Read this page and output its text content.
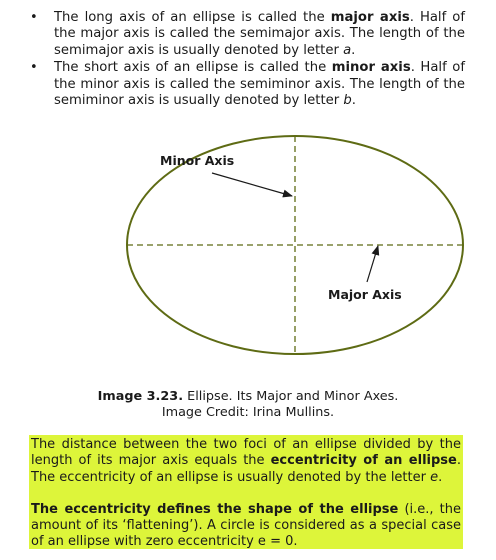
• The long axis of an ellipse is called the major axis. Half of the major axis is called the semimajor axis. The length of the semimajor axis is usually denoted by letter a.
• The short axis of an ellipse is called the minor axis. Half of the minor axis is called the semiminor axis. The length of the semiminor axis is usually denoted by letter b.
Minor Axis
Major Axis
Image 3.23. Ellipse. Its Major and Minor Axes.
Image Credit: Irina Mullins.

The distance between the two foci of an ellipse divided by the length of its major axis equals the eccentricity of an ellipse. The eccentricity of an ellipse is usually denoted by the letter e.

The eccentricity defines the shape of the ellipse (i.e., the amount of its ‘flattening’). A circle is considered as a special case of an ellipse with zero eccentricity e = 0.
